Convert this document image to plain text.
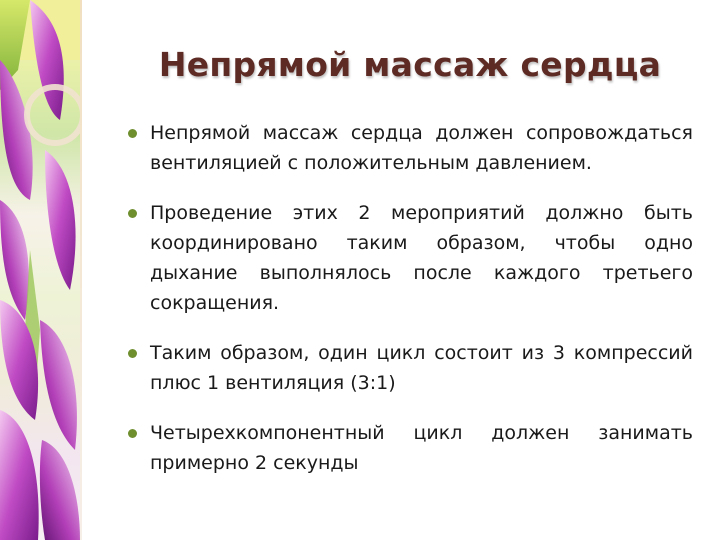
Непрямой массаж сердца
Непрямой массаж сердца должен сопровождаться вентиляцией с положительным давлением.
Проведение этих 2 мероприятий должно быть координировано таким образом, чтобы одно дыхание выполнялось после каждого третьего сокращения.
Таким образом, один цикл состоит из 3 компрессий плюс 1 вентиляция (3:1)
Четырехкомпонентный цикл должен занимать примерно 2 секунды
